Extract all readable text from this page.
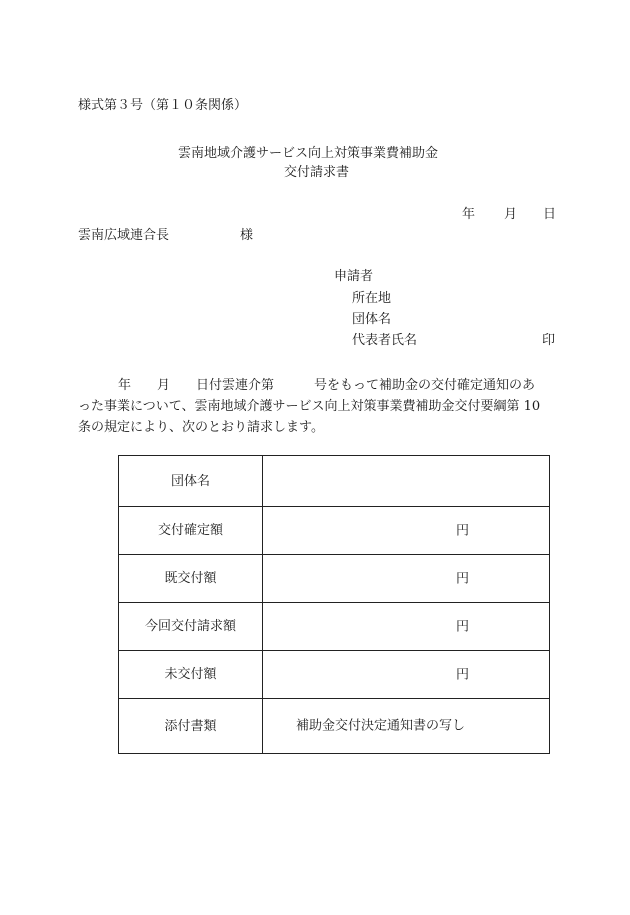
様式第３号（第１０条関係）
雲南地域介護サービス向上対策事業費補助金
交付請求書
年 月 日
雲南広域連合長	様
申請者
所在地
団体名
代表者氏名	印
年 月 日付雲連介第	号をもって補助金の交付確定通知のあ
った事業について、雲南地域介護サービス向上対策事業費補助金交付要綱第 10
条の規定により、次のとおり請求します。
団体名	
交付確定額	円

既交付額	円

今回交付請求額	円

未交付額	円

添付書類	補助金交付決定通知書の写し
